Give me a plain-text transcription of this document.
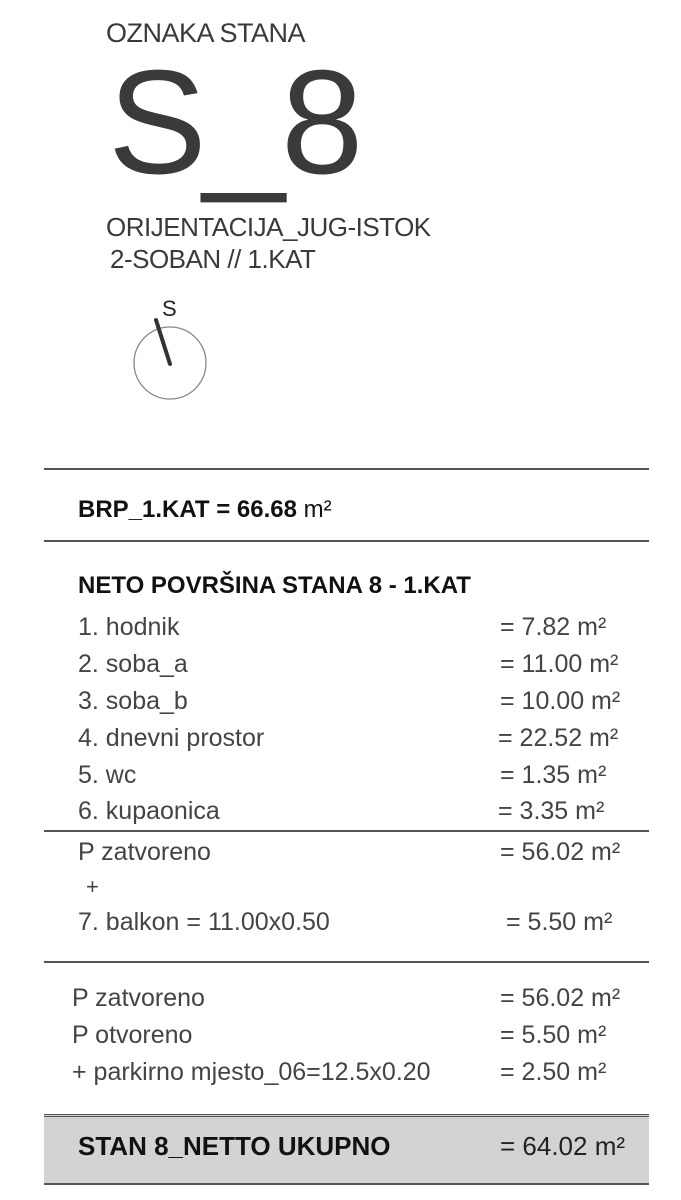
OZNAKA STANA
S_8
ORIJENTACIJA_JUG-ISTOK
2-SOBAN // 1.KAT
S
BRP_1.KAT = 66.68 m²
NETO POVRŠINA STANA 8 - 1.KAT
1. hodnik	= 7.82 m²
2. soba_a	= 11.00 m²
3. soba_b	= 10.00 m²
4. dnevni prostor	= 22.52 m²
5. wc	= 1.35 m²
6. kupaonica	= 3.35 m²
P zatvoreno	= 56.02 m²
+
7. balkon = 11.00x0.50	= 5.50 m²
P zatvoreno	= 56.02 m²
P otvoreno	= 5.50 m²
+ parkirno mjesto_06=12.5x0.20	= 2.50 m²
STAN 8_NETTO UKUPNO	= 64.02 m²
